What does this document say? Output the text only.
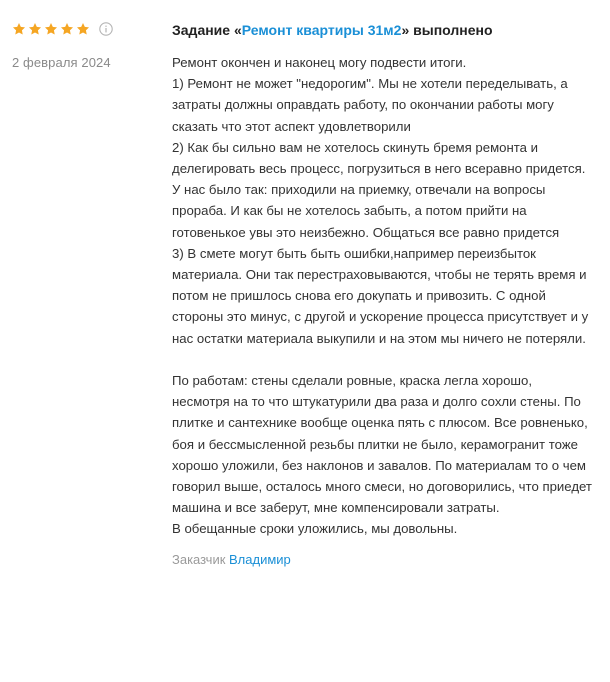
2 февраля 2024
Задание «Ремонт квартиры 31м2» выполнено

Ремонт окончен и наконец могу подвести итоги.

1) Ремонт не может "недорогим". Мы не хотели переделывать, а затраты должны оправдать работу, по окончании работы могу сказать что этот аспект удовлетворили

2) Как бы сильно вам не хотелось скинуть бремя ремонта и делегировать весь процесс, погрузиться в него всеравно придется. У нас было так: приходили на приемку, отвечали на вопросы прораба. И как бы не хотелось забыть, а потом прийти на готовенькое увы это неизбежно. Общаться все равно придется

3) В смете могут быть быть ошибки,например переизбыток материала. Они так перестраховываются, чтобы не терять время и потом не пришлось снова его докупать и привозить. С одной стороны это минус, с другой и ускорение процесса присутствует и у нас остатки материала выкупили и на этом мы ничего не потеряли.

По работам: стены сделали ровные, краска легла хорошо, несмотря на то что штукатурили два раза и долго сохли стены. По плитке и сантехнике вообще оценка пять с плюсом. Все ровненько, боя и бессмысленной резьбы плитки не было, керамогранит тоже хорошо уложили, без наклонов и завалов. По материалам то о чем говорил выше, осталось много смеси, но договорились, что приедет машина и все заберут, мне компенсировали затраты.

В обещанные сроки уложились, мы довольны.

Заказчик Владимир
